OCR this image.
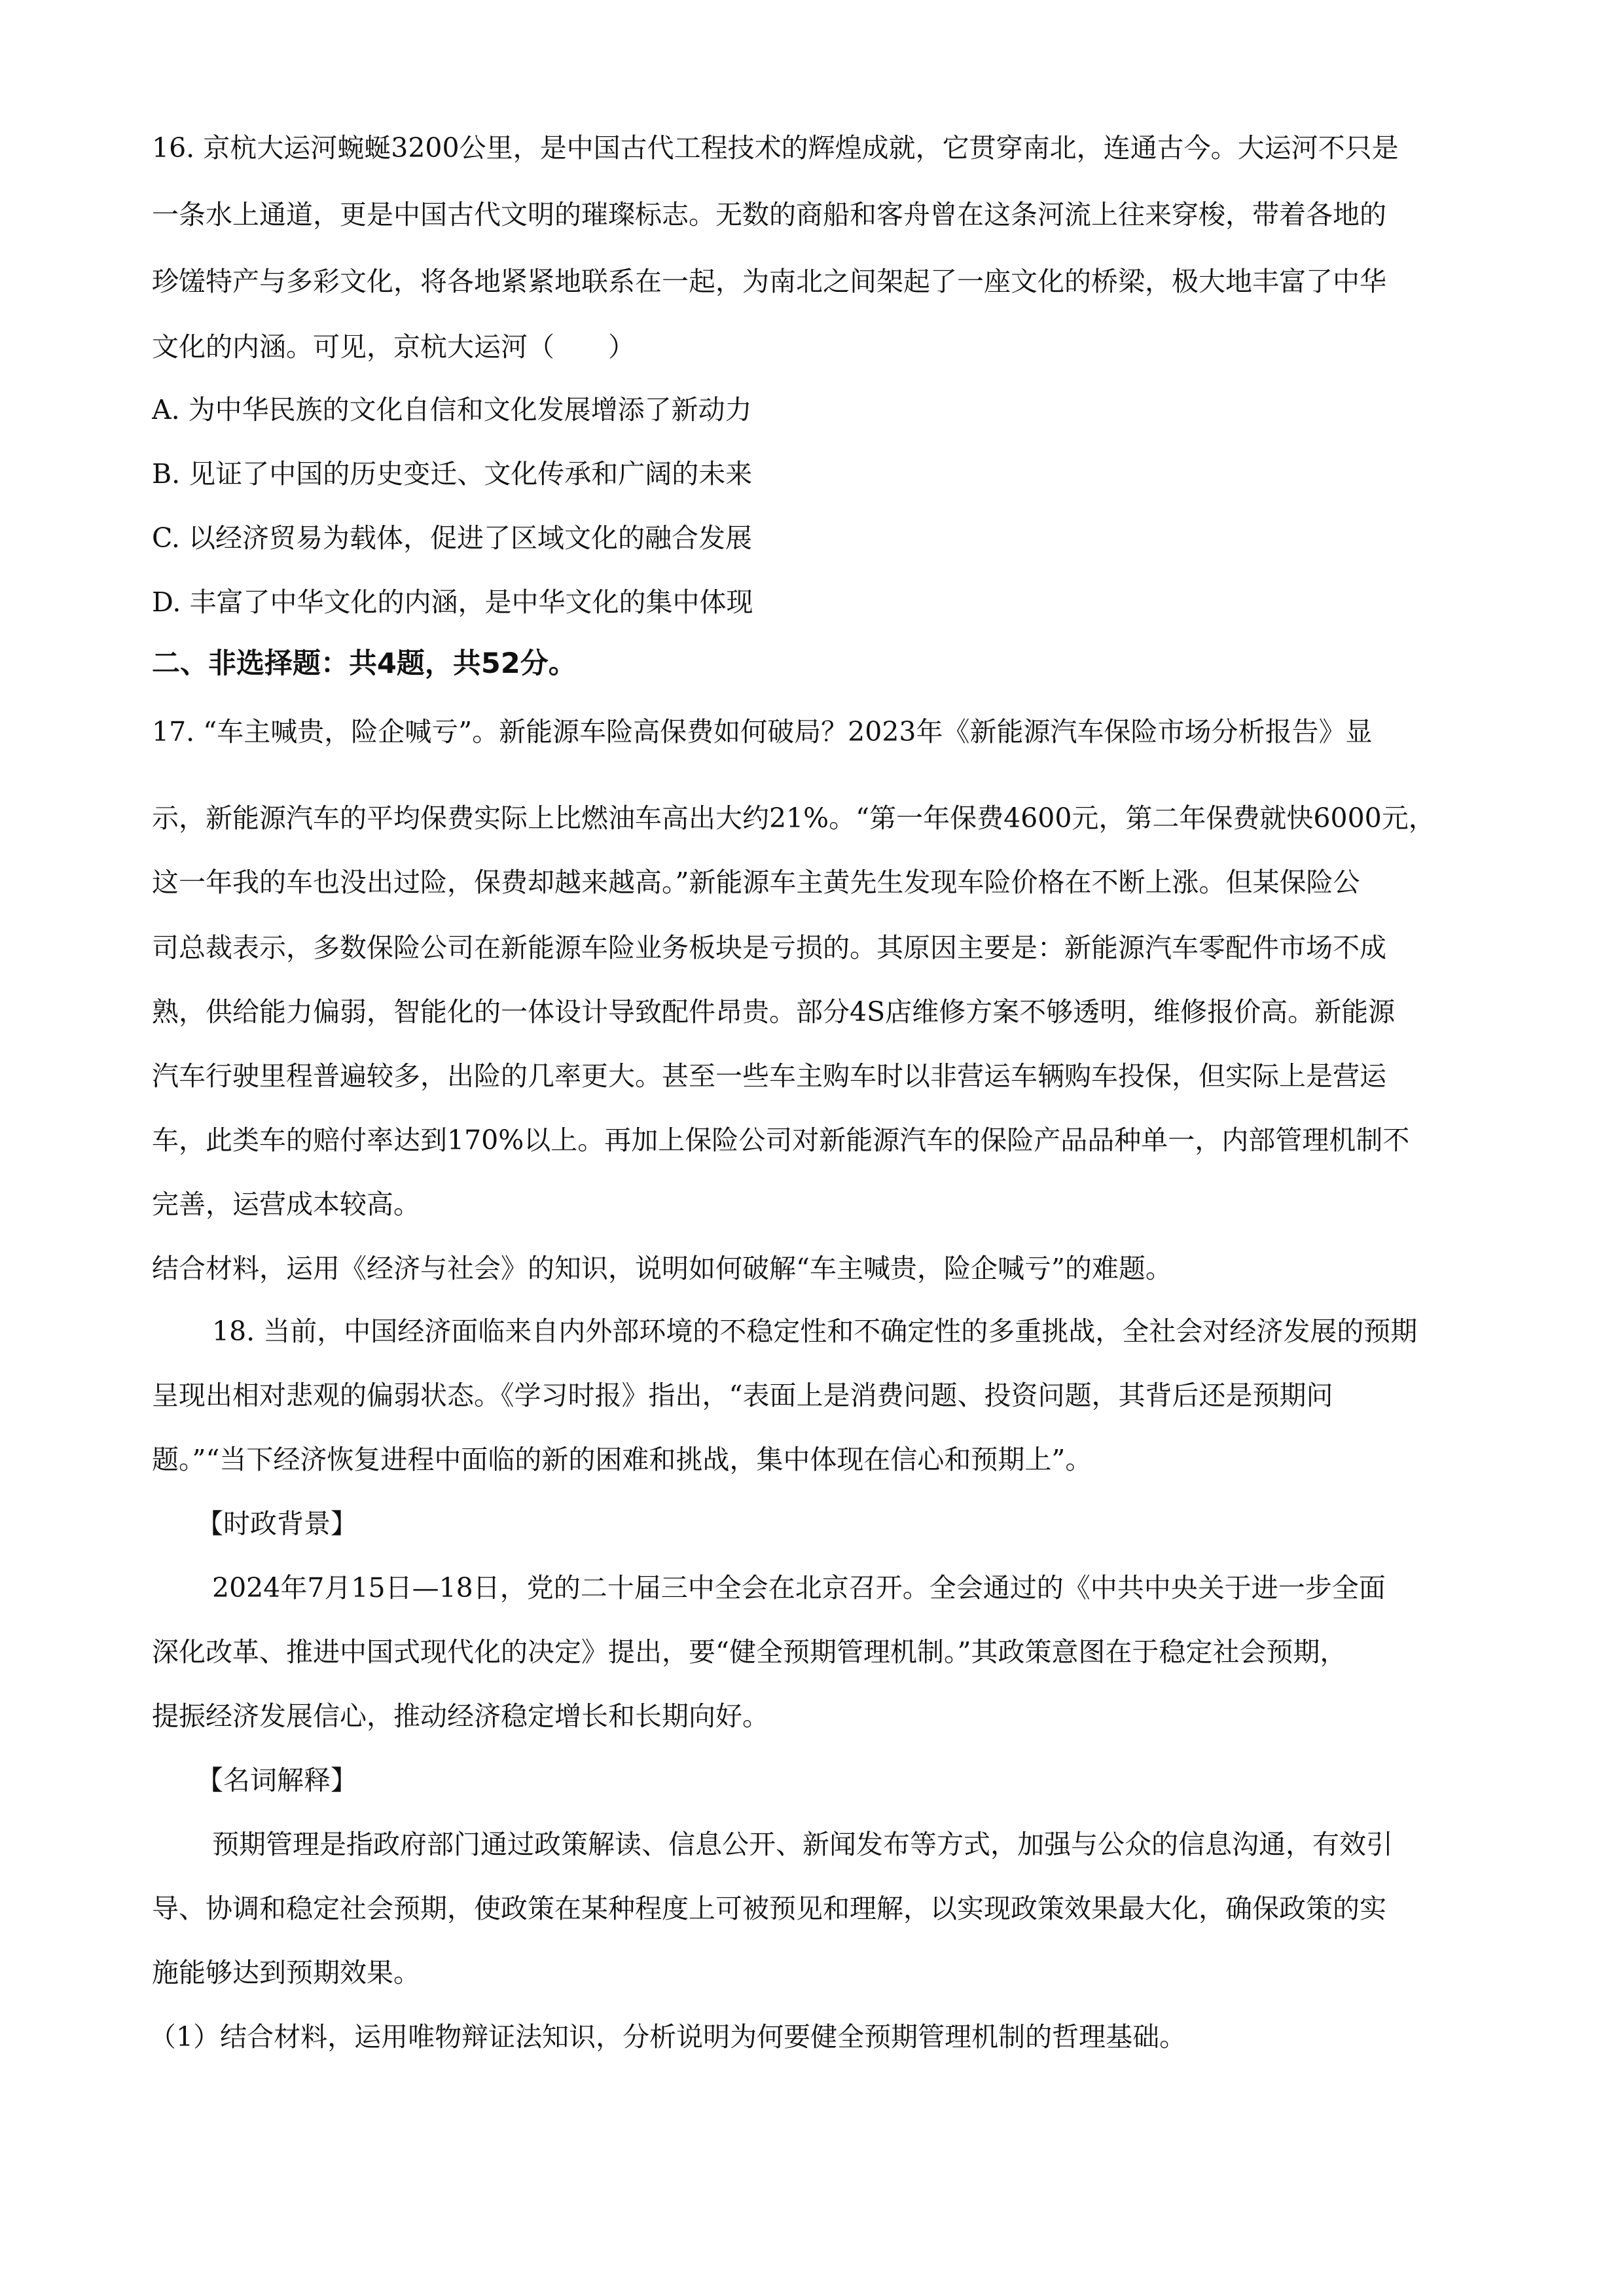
16. 京杭大运河蜿蜒3200公里，是中国古代工程技术的辉煌成就，它贯穿南北，连通古今。大运河不只是
一条水上通道，更是中国古代文明的璀璨标志。无数的商船和客舟曾在这条河流上往来穿梭，带着各地的
珍馐特产与多彩文化，将各地紧紧地联系在一起，为南北之间架起了一座文化的桥梁，极大地丰富了中华
文化的内涵。可见，京杭大运河（　　）
A. 为中华民族的文化自信和文化发展增添了新动力
B. 见证了中国的历史变迁、文化传承和广阔的未来
C. 以经济贸易为载体，促进了区域文化的融合发展
D. 丰富了中华文化的内涵，是中华文化的集中体现
二、非选择题：共4题，共52分。
17. “车主喊贵，险企喊亏”。新能源车险高保费如何破局？2023年《新能源汽车保险市场分析报告》显
示，新能源汽车的平均保费实际上比燃油车高出大约21%。“第一年保费4600元，第二年保费就快6000元，
这一年我的车也没出过险，保费却越来越高。”新能源车主黄先生发现车险价格在不断上涨。但某保险公
司总裁表示，多数保险公司在新能源车险业务板块是亏损的。其原因主要是：新能源汽车零配件市场不成
熟，供给能力偏弱，智能化的一体设计导致配件昂贵。部分4S店维修方案不够透明，维修报价高。新能源
汽车行驶里程普遍较多，出险的几率更大。甚至一些车主购车时以非营运车辆购车投保，但实际上是营运
车，此类车的赔付率达到170%以上。再加上保险公司对新能源汽车的保险产品品种单一，内部管理机制不
完善，运营成本较高。
结合材料，运用《经济与社会》的知识，说明如何破解“车主喊贵，险企喊亏”的难题。
18. 当前，中国经济面临来自内外部环境的不稳定性和不确定性的多重挑战，全社会对经济发展的预期
呈现出相对悲观的偏弱状态。《学习时报》指出，“表面上是消费问题、投资问题，其背后还是预期问
题。”“当下经济恢复进程中面临的新的困难和挑战，集中体现在信心和预期上”。
【时政背景】
2024年7月15日—18日，党的二十届三中全会在北京召开。全会通过的《中共中央关于进一步全面
深化改革、推进中国式现代化的决定》提出，要“健全预期管理机制。”其政策意图在于稳定社会预期，
提振经济发展信心，推动经济稳定增长和长期向好。
【名词解释】
预期管理是指政府部门通过政策解读、信息公开、新闻发布等方式，加强与公众的信息沟通，有效引
导、协调和稳定社会预期，使政策在某种程度上可被预见和理解，以实现政策效果最大化，确保政策的实
施能够达到预期效果。
（1）结合材料，运用唯物辩证法知识，分析说明为何要健全预期管理机制的哲理基础。
